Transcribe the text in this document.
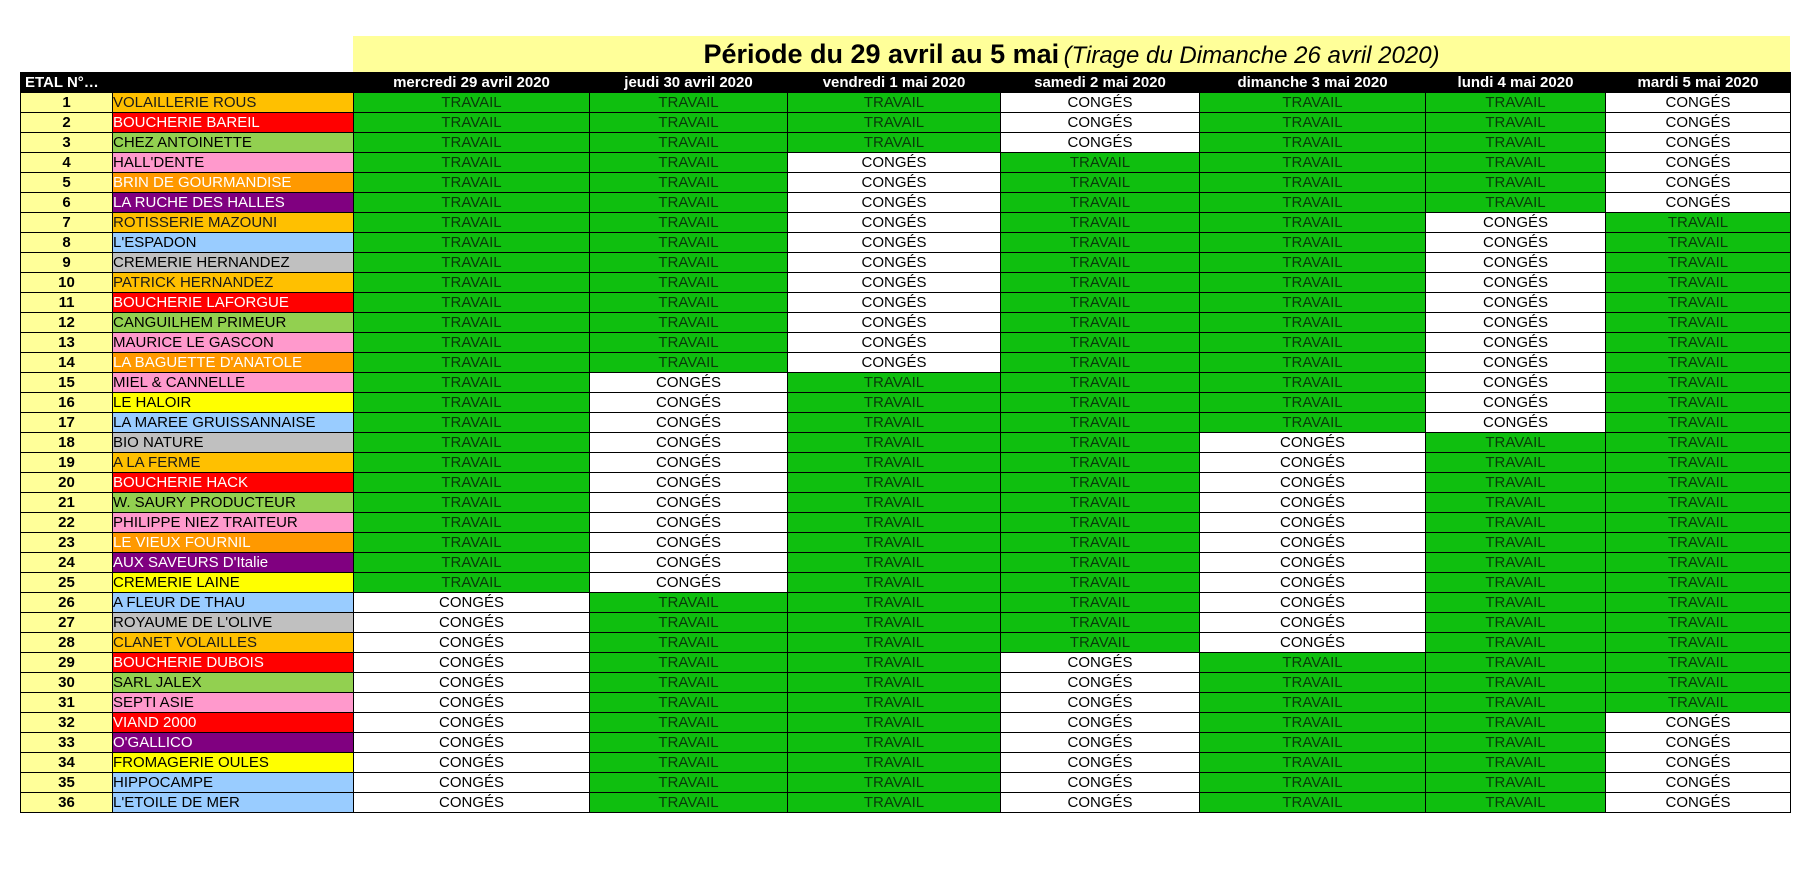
Période du 29 avril au 5 mai (Tirage du Dimanche 26 avril 2020)
ETAL N°…		mercredi 29 avril 2020	jeudi 30 avril 2020	vendredi 1 mai 2020	samedi 2 mai 2020	dimanche 3 mai 2020	lundi 4 mai 2020	mardi 5 mai 2020
1	VOLAILLERIE ROUS	TRAVAIL	TRAVAIL	TRAVAIL	CONGÉS	TRAVAIL	TRAVAIL	CONGÉS
2	BOUCHERIE BAREIL	TRAVAIL	TRAVAIL	TRAVAIL	CONGÉS	TRAVAIL	TRAVAIL	CONGÉS
3	CHEZ ANTOINETTE	TRAVAIL	TRAVAIL	TRAVAIL	CONGÉS	TRAVAIL	TRAVAIL	CONGÉS
4	HALL'DENTE	TRAVAIL	TRAVAIL	CONGÉS	TRAVAIL	TRAVAIL	TRAVAIL	CONGÉS
5	BRIN DE GOURMANDISE	TRAVAIL	TRAVAIL	CONGÉS	TRAVAIL	TRAVAIL	TRAVAIL	CONGÉS
6	LA RUCHE DES HALLES	TRAVAIL	TRAVAIL	CONGÉS	TRAVAIL	TRAVAIL	TRAVAIL	CONGÉS
7	ROTISSERIE MAZOUNI	TRAVAIL	TRAVAIL	CONGÉS	TRAVAIL	TRAVAIL	CONGÉS	TRAVAIL
8	L'ESPADON	TRAVAIL	TRAVAIL	CONGÉS	TRAVAIL	TRAVAIL	CONGÉS	TRAVAIL
9	CREMERIE HERNANDEZ	TRAVAIL	TRAVAIL	CONGÉS	TRAVAIL	TRAVAIL	CONGÉS	TRAVAIL
10	PATRICK HERNANDEZ	TRAVAIL	TRAVAIL	CONGÉS	TRAVAIL	TRAVAIL	CONGÉS	TRAVAIL
11	BOUCHERIE LAFORGUE	TRAVAIL	TRAVAIL	CONGÉS	TRAVAIL	TRAVAIL	CONGÉS	TRAVAIL
12	CANGUILHEM PRIMEUR	TRAVAIL	TRAVAIL	CONGÉS	TRAVAIL	TRAVAIL	CONGÉS	TRAVAIL
13	MAURICE LE GASCON	TRAVAIL	TRAVAIL	CONGÉS	TRAVAIL	TRAVAIL	CONGÉS	TRAVAIL
14	LA BAGUETTE D'ANATOLE	TRAVAIL	TRAVAIL	CONGÉS	TRAVAIL	TRAVAIL	CONGÉS	TRAVAIL
15	MIEL & CANNELLE	TRAVAIL	CONGÉS	TRAVAIL	TRAVAIL	TRAVAIL	CONGÉS	TRAVAIL
16	LE HALOIR	TRAVAIL	CONGÉS	TRAVAIL	TRAVAIL	TRAVAIL	CONGÉS	TRAVAIL
17	LA MAREE GRUISSANNAISE	TRAVAIL	CONGÉS	TRAVAIL	TRAVAIL	TRAVAIL	CONGÉS	TRAVAIL
18	BIO NATURE	TRAVAIL	CONGÉS	TRAVAIL	TRAVAIL	CONGÉS	TRAVAIL	TRAVAIL
19	A LA FERME	TRAVAIL	CONGÉS	TRAVAIL	TRAVAIL	CONGÉS	TRAVAIL	TRAVAIL
20	BOUCHERIE HACK	TRAVAIL	CONGÉS	TRAVAIL	TRAVAIL	CONGÉS	TRAVAIL	TRAVAIL
21	W. SAURY PRODUCTEUR	TRAVAIL	CONGÉS	TRAVAIL	TRAVAIL	CONGÉS	TRAVAIL	TRAVAIL
22	PHILIPPE NIEZ TRAITEUR	TRAVAIL	CONGÉS	TRAVAIL	TRAVAIL	CONGÉS	TRAVAIL	TRAVAIL
23	LE VIEUX FOURNIL	TRAVAIL	CONGÉS	TRAVAIL	TRAVAIL	CONGÉS	TRAVAIL	TRAVAIL
24	AUX SAVEURS D'Italie	TRAVAIL	CONGÉS	TRAVAIL	TRAVAIL	CONGÉS	TRAVAIL	TRAVAIL
25	CREMERIE LAINE	TRAVAIL	CONGÉS	TRAVAIL	TRAVAIL	CONGÉS	TRAVAIL	TRAVAIL
26	A FLEUR DE THAU	CONGÉS	TRAVAIL	TRAVAIL	TRAVAIL	CONGÉS	TRAVAIL	TRAVAIL
27	ROYAUME DE L'OLIVE	CONGÉS	TRAVAIL	TRAVAIL	TRAVAIL	CONGÉS	TRAVAIL	TRAVAIL
28	CLANET VOLAILLES	CONGÉS	TRAVAIL	TRAVAIL	TRAVAIL	CONGÉS	TRAVAIL	TRAVAIL
29	BOUCHERIE DUBOIS	CONGÉS	TRAVAIL	TRAVAIL	CONGÉS	TRAVAIL	TRAVAIL	TRAVAIL
30	SARL JALEX	CONGÉS	TRAVAIL	TRAVAIL	CONGÉS	TRAVAIL	TRAVAIL	TRAVAIL
31	SEPTI ASIE	CONGÉS	TRAVAIL	TRAVAIL	CONGÉS	TRAVAIL	TRAVAIL	TRAVAIL
32	VIAND 2000	CONGÉS	TRAVAIL	TRAVAIL	CONGÉS	TRAVAIL	TRAVAIL	CONGÉS
33	O'GALLICO	CONGÉS	TRAVAIL	TRAVAIL	CONGÉS	TRAVAIL	TRAVAIL	CONGÉS
34	FROMAGERIE OULES	CONGÉS	TRAVAIL	TRAVAIL	CONGÉS	TRAVAIL	TRAVAIL	CONGÉS
35	HIPPOCAMPE	CONGÉS	TRAVAIL	TRAVAIL	CONGÉS	TRAVAIL	TRAVAIL	CONGÉS
36	L'ETOILE DE MER	CONGÉS	TRAVAIL	TRAVAIL	CONGÉS	TRAVAIL	TRAVAIL	CONGÉS
